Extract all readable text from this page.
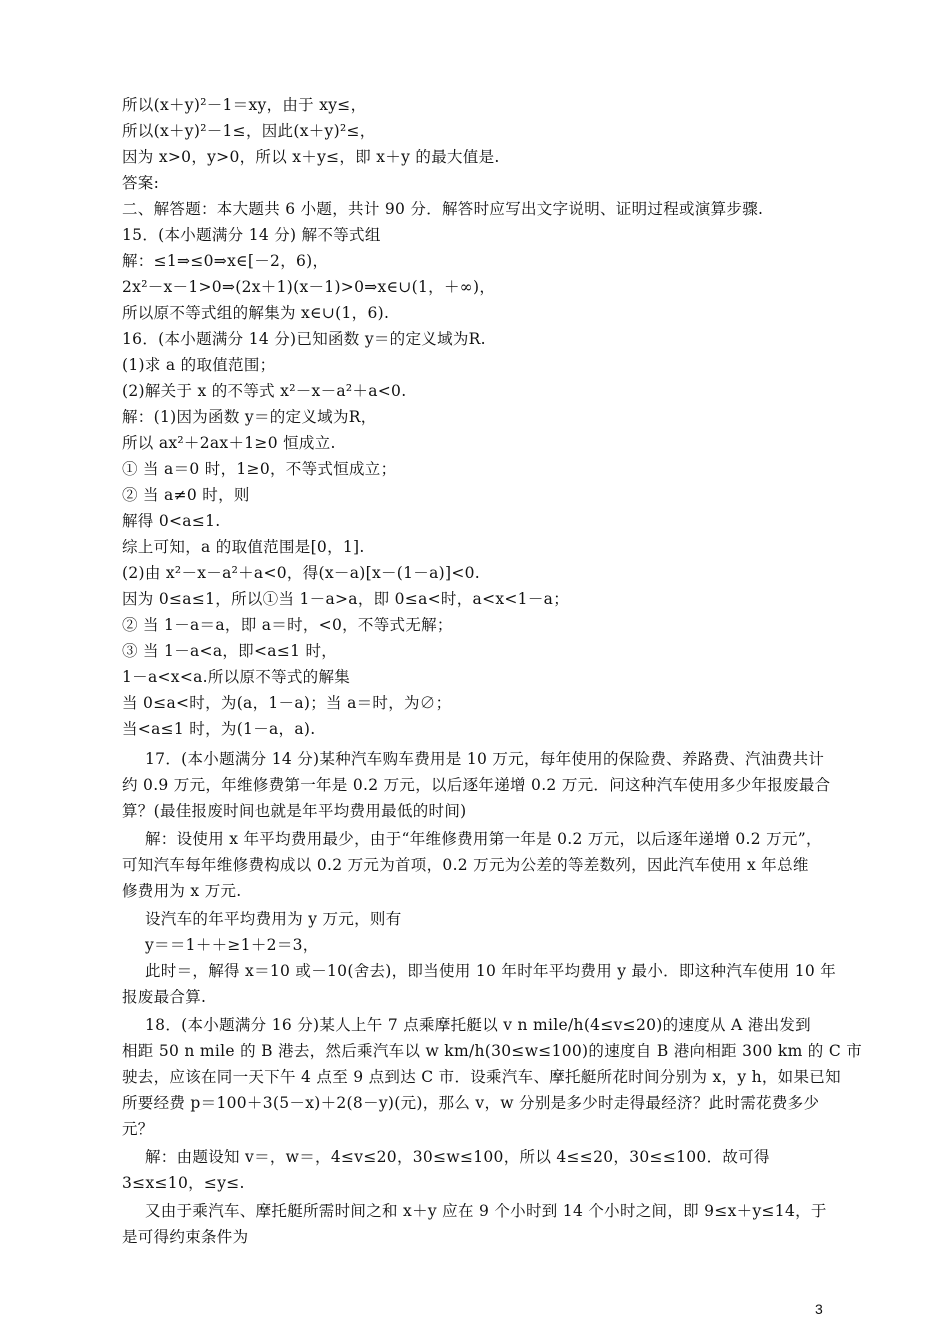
所以(x＋y)²－1＝xy，由于 xy≤，
所以(x＋y)²－1≤，因此(x＋y)²≤，
因为 x>0，y>0，所以 x＋y≤，即 x＋y 的最大值是.
答案:
二、解答题：本大题共 6 小题，共计 90 分．解答时应写出文字说明、证明过程或演算步骤.
15．(本小题满分 14 分) 解不等式组
解：≤1⇒≤0⇒x∈[－2，6)，
2x²－x－1>0⇒(2x＋1)(x－1)>0⇒x∈∪(1，＋∞)，
所以原不等式组的解集为 x∈∪(1，6).
16．(本小题满分 14 分)已知函数 y＝的定义域为R.
(1)求 a 的取值范围；
(2)解关于 x 的不等式 x²－x－a²＋a<0.
解：(1)因为函数 y＝的定义域为R，
所以 ax²＋2ax＋1≥0 恒成立.
① 当 a＝0 时，1≥0，不等式恒成立；
② 当 a≠0 时，则
解得 0<a≤1.
综上可知，a 的取值范围是[0，1].
(2)由 x²－x－a²＋a<0，得(x－a)[x－(1－a)]<0.
因为 0≤a≤1，所以①当 1－a>a，即 0≤a<时，a<x<1－a；
② 当 1－a＝a，即 a＝时，<0，不等式无解；
③ 当 1－a<a，即<a≤1 时，
1－a<x<a.所以原不等式的解集
当 0≤a<时，为(a，1－a)；当 a＝时，为∅；
当<a≤1 时，为(1－a，a).
17．(本小题满分 14 分)某种汽车购车费用是 10 万元，每年使用的保险费、养路费、汽油费共计
约 0.9 万元，年维修费第一年是 0.2 万元，以后逐年递增 0.2 万元．问这种汽车使用多少年报废最合
算？(最佳报废时间也就是年平均费用最低的时间)
解：设使用 x 年平均费用最少，由于“年维修费用第一年是 0.2 万元，以后逐年递增 0.2 万元”，
可知汽车每年维修费构成以 0.2 万元为首项，0.2 万元为公差的等差数列，因此汽车使用 x 年总维
修费用为 x 万元.
设汽车的年平均费用为 y 万元，则有
y＝＝1＋＋≥1＋2＝3，
此时＝，解得 x＝10 或－10(舍去)，即当使用 10 年时年平均费用 y 最小．即这种汽车使用 10 年
报废最合算.
18．(本小题满分 16 分)某人上午 7 点乘摩托艇以 v n mile/h(4≤v≤20)的速度从 A 港出发到
相距 50 n mile 的 B 港去，然后乘汽车以 w km/h(30≤w≤100)的速度自 B 港向相距 300 km 的 C 市
驶去，应该在同一天下午 4 点至 9 点到达 C 市．设乘汽车、摩托艇所花时间分别为 x，y h，如果已知
所要经费 p＝100＋3(5－x)＋2(8－y)(元)，那么 v，w 分别是多少时走得最经济？此时需花费多少
元？
解：由题设知 v＝，w＝，4≤v≤20，30≤w≤100，所以 4≤≤20，30≤≤100．故可得
3≤x≤10，≤y≤.
又由于乘汽车、摩托艇所需时间之和 x＋y 应在 9 个小时到 14 个小时之间，即 9≤x＋y≤14，于
是可得约束条件为
3
